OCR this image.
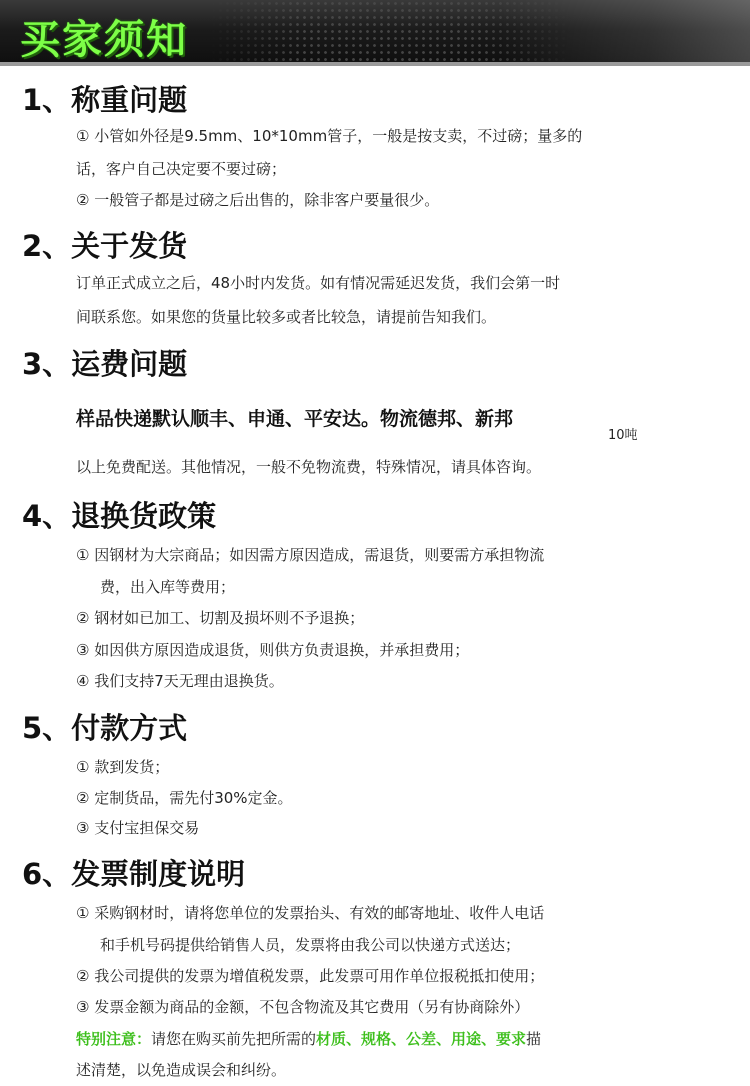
买家须知
1、称重问题
① 小管如外径是9.5mm、10*10mm管子，一般是按支卖，不过磅；量多的
话，客户自己决定要不要过磅；
② 一般管子都是过磅之后出售的，除非客户要量很少。
2、关于发货
订单正式成立之后，48小时内发货。如有情况需延迟发货，我们会第一时
间联系您。如果您的货量比较多或者比较急，请提前告知我们。
3、运费问题
样品快递默认顺丰、申通、平安达。物流德邦、新邦
10吨
以上免费配送。其他情况，一般不免物流费，特殊情况，请具体咨询。
4、退换货政策
① 因钢材为大宗商品；如因需方原因造成，需退货，则要需方承担物流
费，出入库等费用；
② 钢材如已加工、切割及损坏则不予退换；
③ 如因供方原因造成退货，则供方负责退换，并承担费用；
④ 我们支持7天无理由退换货。
5、付款方式
① 款到发货；
② 定制货品，需先付30%定金。
③ 支付宝担保交易
6、发票制度说明
① 采购钢材时，请将您单位的发票抬头、有效的邮寄地址、收件人电话
和手机号码提供给销售人员，发票将由我公司以快递方式送达；
② 我公司提供的发票为增值税发票，此发票可用作单位报税抵扣使用；
③ 发票金额为商品的金额，不包含物流及其它费用（另有协商除外）
特别注意：请您在购买前先把所需的材质、规格、公差、用途、要求描
述清楚，以免造成误会和纠纷。
